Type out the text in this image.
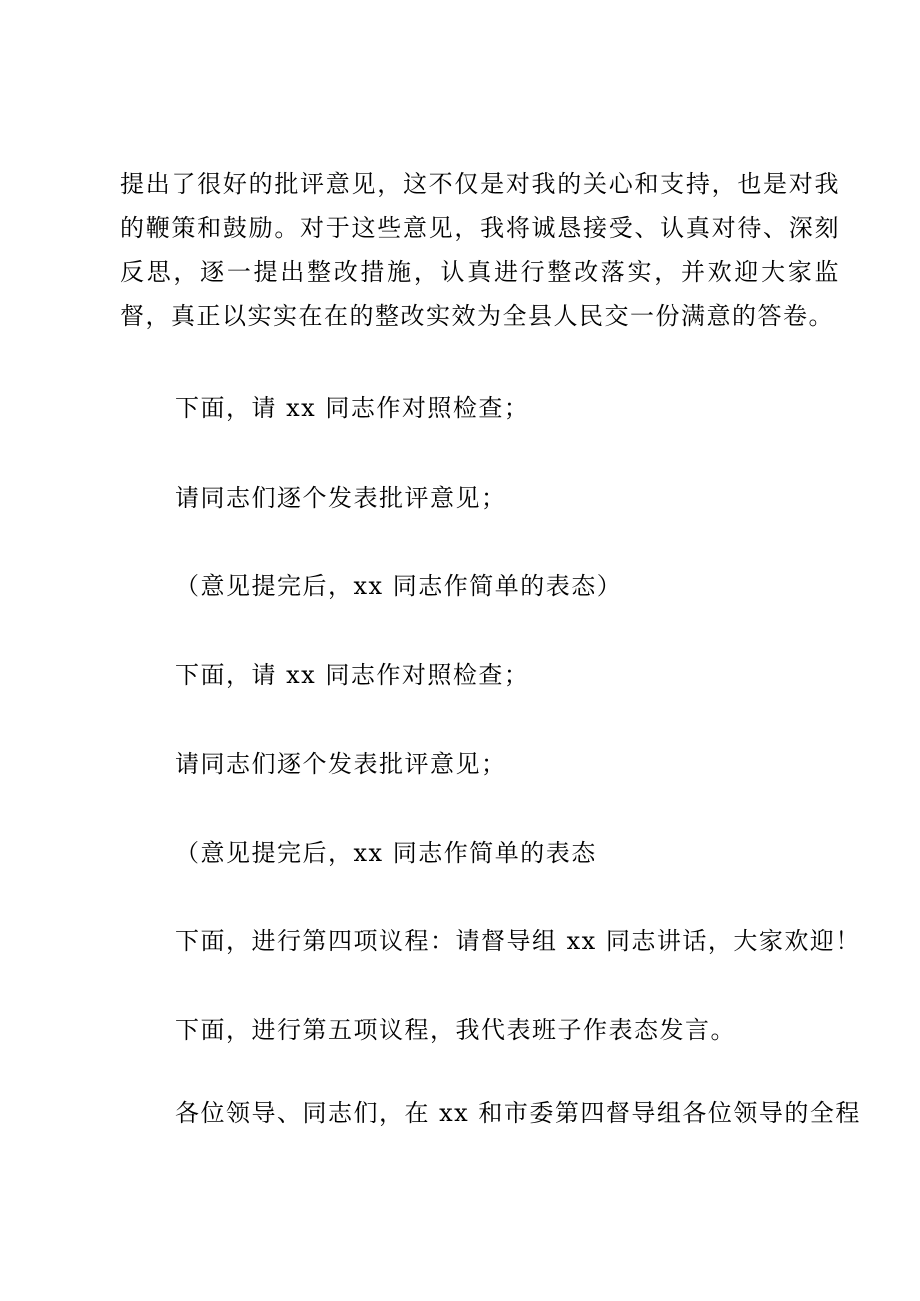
提出了很好的批评意见，这不仅是对我的关心和支持，也是对我的鞭策和鼓励。对于这些意见，我将诚恳接受、认真对待、深刻反思，逐一提出整改措施，认真进行整改落实，并欢迎大家监督，真正以实实在在的整改实效为全县人民交一份满意的答卷。
下面，请 xx 同志作对照检查；
请同志们逐个发表批评意见；
（意见提完后，xx 同志作简单的表态）
下面，请 xx 同志作对照检查；
请同志们逐个发表批评意见；
（意见提完后，xx 同志作简单的表态
下面，进行第四项议程：请督导组 xx 同志讲话，大家欢迎！
下面，进行第五项议程，我代表班子作表态发言。
各位领导、同志们，在 xx 和市委第四督导组各位领导的全程
